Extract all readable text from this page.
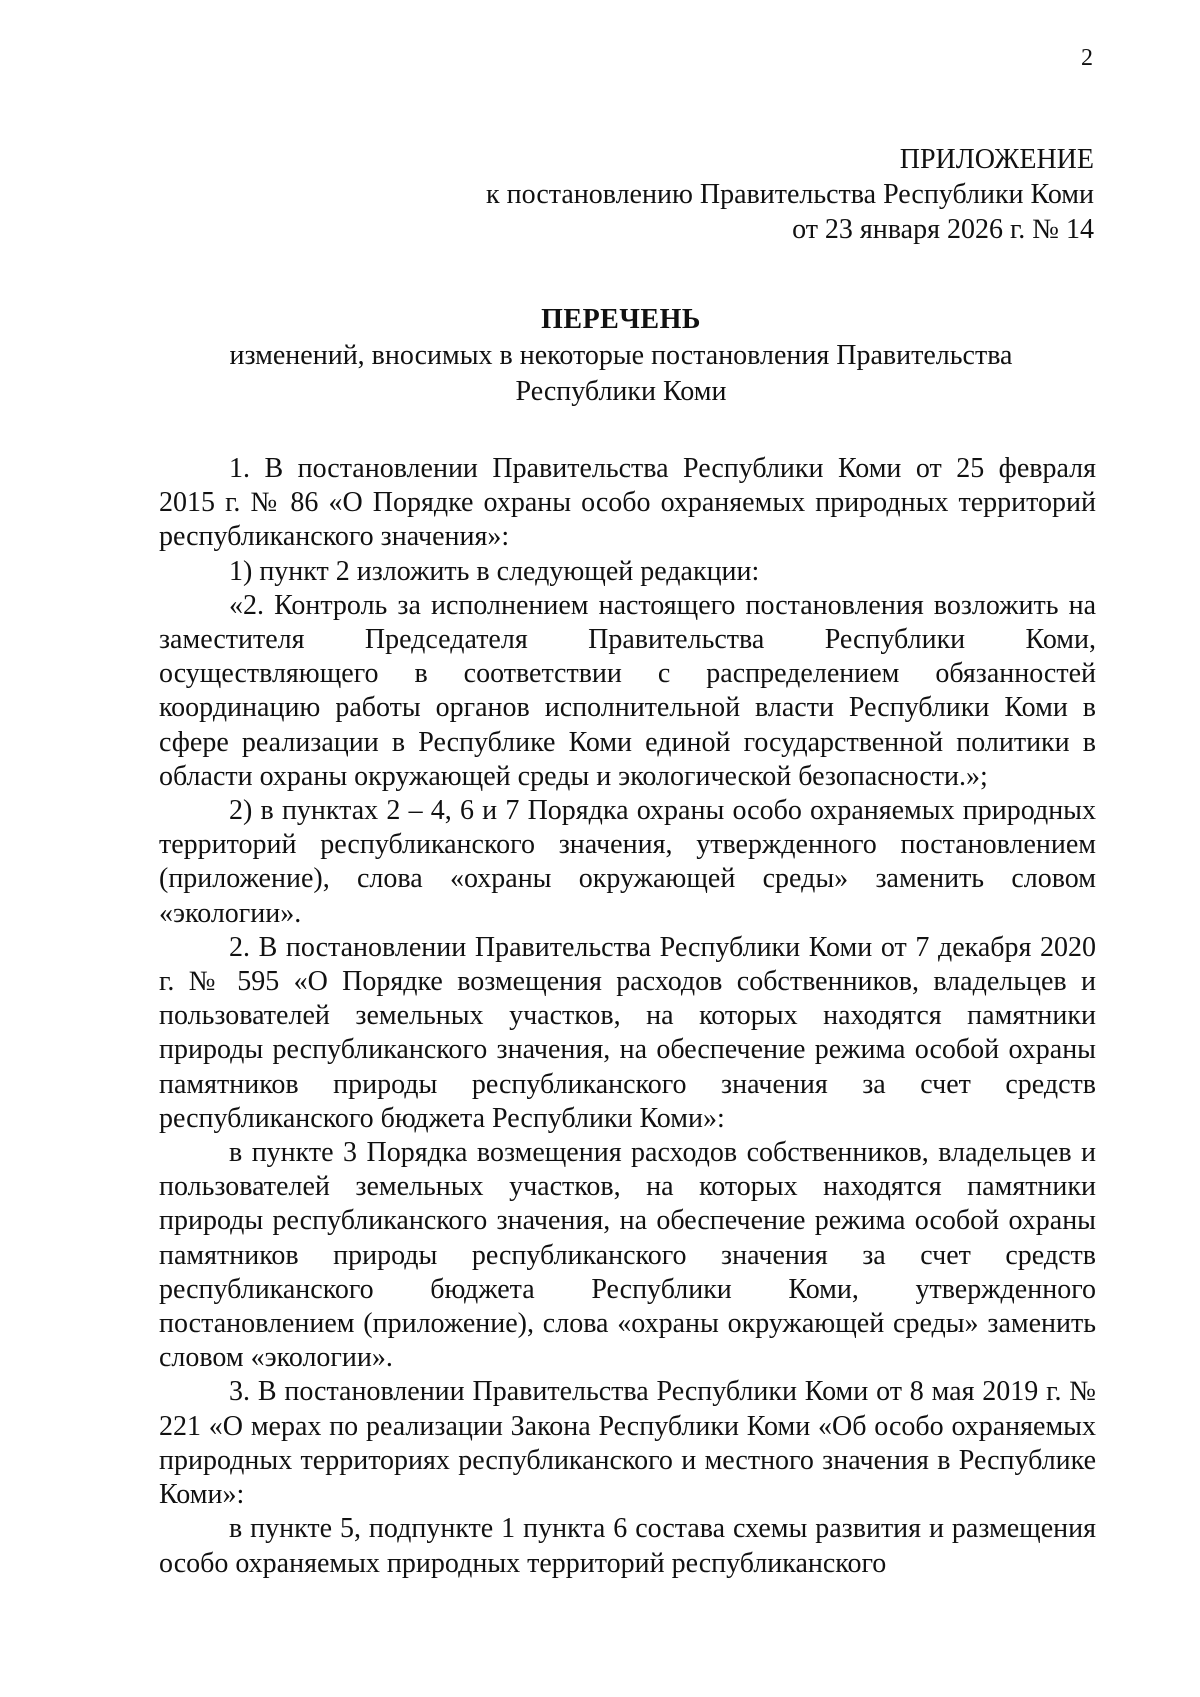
2
ПРИЛОЖЕНИЕ
к постановлению Правительства Республики Коми
от 23 января 2026 г. № 14
ПЕРЕЧЕНЬ
изменений, вносимых в некоторые постановления Правительства
Республики Коми

1. В постановлении Правительства Республики Коми от 25 февраля 2015 г. № 86 «О Порядке охраны особо охраняемых природных территорий республиканского значения»:

1) пункт 2 изложить в следующей редакции:

«2. Контроль за исполнением настоящего постановления возложить на заместителя Председателя Правительства Республики Коми, осуществляющего в соответствии с распределением обязанностей координацию работы органов исполнительной власти Республики Коми в сфере реализации в Республике Коми единой государственной политики в области охраны окружающей среды и экологической безопасности.»;

2) в пунктах 2 – 4, 6 и 7 Порядка охраны особо охраняемых природных территорий республиканского значения, утвержденного постановлением (приложение), слова «охраны окружающей среды» заменить словом «экологии».

2. В постановлении Правительства Республики Коми от 7 декабря 2020 г. № 595 «О Порядке возмещения расходов собственников, владельцев и пользователей земельных участков, на которых находятся памятники природы республиканского значения, на обеспечение режима особой охраны памятников природы республиканского значения за счет средств республиканского бюджета Республики Коми»:

в пункте 3 Порядка возмещения расходов собственников, владельцев и пользователей земельных участков, на которых находятся памятники природы республиканского значения, на обеспечение режима особой охраны памятников природы республиканского значения за счет средств республиканского бюджета Республики Коми, утвержденного постановлением (приложение), слова «охраны окружающей среды» заменить словом «экологии».

3. В постановлении Правительства Республики Коми от 8 мая 2019 г. № 221 «О мерах по реализации Закона Республики Коми «Об особо охраняемых природных территориях республиканского и местного значения в Республике Коми»:

в пункте 5, подпункте 1 пункта 6 состава схемы развития и размещения особо охраняемых природных территорий республиканского
